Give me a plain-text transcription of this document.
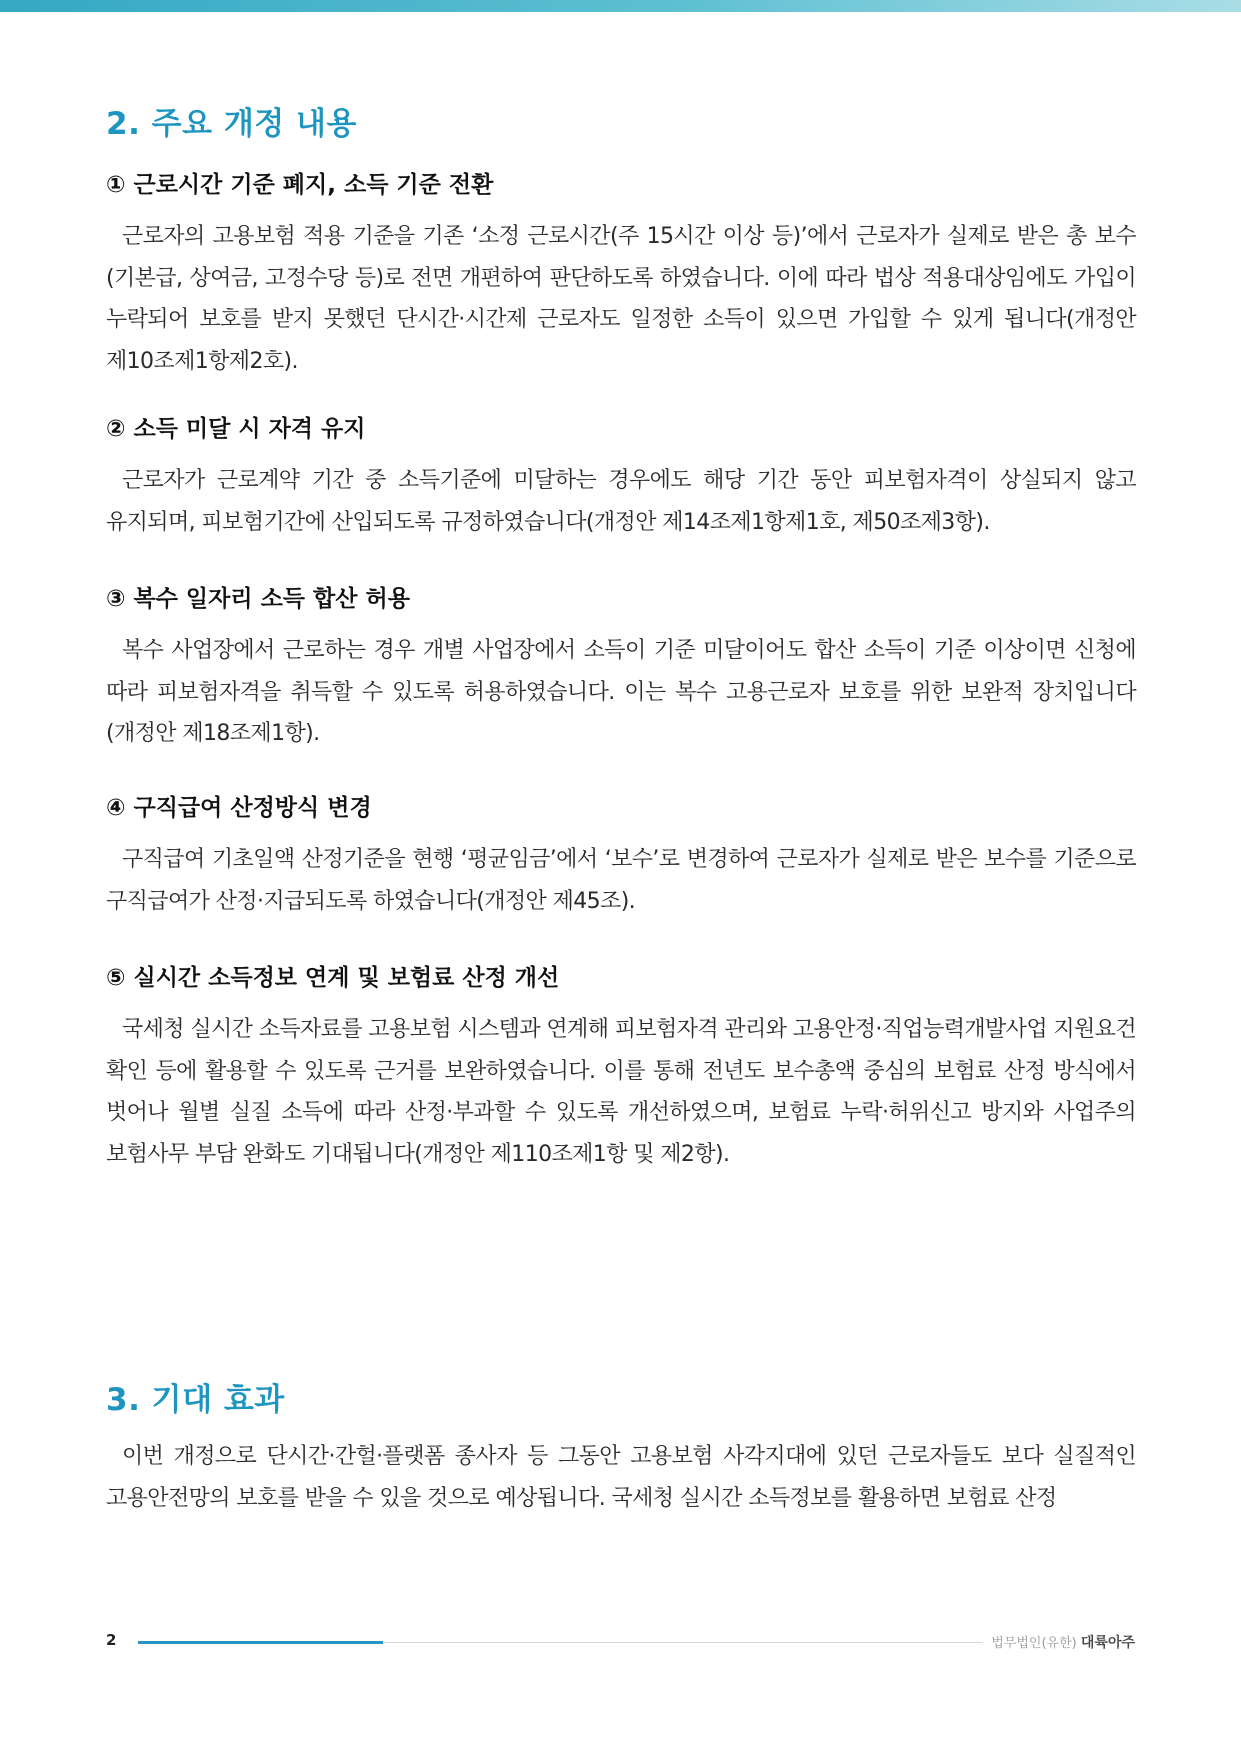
2. 주요 개정 내용
① 근로시간 기준 폐지, 소득 기준 전환

근로자의 고용보험 적용 기준을 기존 ‘소정 근로시간(주 15시간 이상 등)’에서 근로자가 실제로 받은 총 보수(기본급, 상여금, 고정수당 등)로 전면 개편하여 판단하도록 하였습니다. 이에 따라 법상 적용대상임에도 가입이 누락되어 보호를 받지 못했던 단시간·시간제 근로자도 일정한 소득이 있으면 가입할 수 있게 됩니다(개정안 제10조제1항제2호).

② 소득 미달 시 자격 유지

근로자가 근로계약 기간 중 소득기준에 미달하는 경우에도 해당 기간 동안 피보험자격이 상실되지 않고 유지되며, 피보험기간에 산입되도록 규정하였습니다(개정안 제14조제1항제1호, 제50조제3항).

③ 복수 일자리 소득 합산 허용

복수 사업장에서 근로하는 경우 개별 사업장에서 소득이 기준 미달이어도 합산 소득이 기준 이상이면 신청에 따라 피보험자격을 취득할 수 있도록 허용하였습니다. 이는 복수 고용근로자 보호를 위한 보완적 장치입니다(개정안 제18조제1항).

④ 구직급여 산정방식 변경

구직급여 기초일액 산정기준을 현행 ‘평균임금’에서 ‘보수’로 변경하여 근로자가 실제로 받은 보수를 기준으로 구직급여가 산정·지급되도록 하였습니다(개정안 제45조).

⑤ 실시간 소득정보 연계 및 보험료 산정 개선

국세청 실시간 소득자료를 고용보험 시스템과 연계해 피보험자격 관리와 고용안정·직업능력개발사업 지원요건 확인 등에 활용할 수 있도록 근거를 보완하였습니다. 이를 통해 전년도 보수총액 중심의 보험료 산정 방식에서 벗어나 월별 실질 소득에 따라 산정·부과할 수 있도록 개선하였으며, 보험료 누락·허위신고 방지와 사업주의 보험사무 부담 완화도 기대됩니다(개정안 제110조제1항 및 제2항).

3. 기대 효과

이번 개정으로 단시간·간헐·플랫폼 종사자 등 그동안 고용보험 사각지대에 있던 근로자들도 보다 실질적인 고용안전망의 보호를 받을 수 있을 것으로 예상됩니다. 국세청 실시간 소득정보를 활용하면 보험료 산정

2	법무법인(유한) 대륙아주
